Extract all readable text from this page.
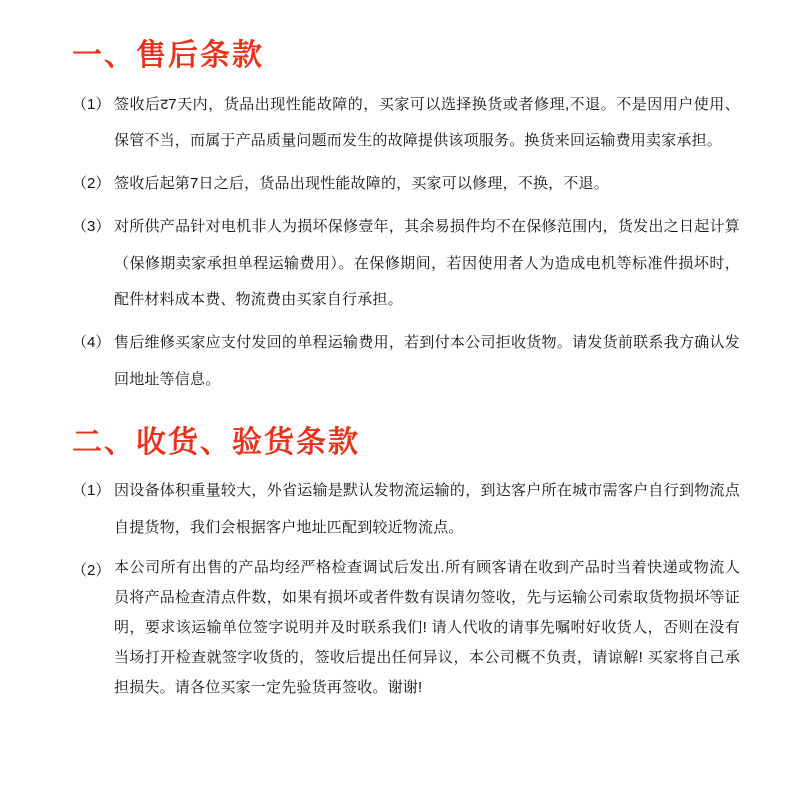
一、售后条款
（1） 签收后ट7天内，货品出现性能故障的，买家可以选择换货或者修理,不退。不是因用户使用、保管不当，而属于产品质量问题而发生的故障提供该项服务。换货来回运输费用卖家承担。
（2） 签收后起第7日之后，货品出现性能故障的，买家可以修理，不换，不退。
（3） 对所供产品针对电机非人为损坏保修壹年，其余易损件均不在保修范围内，货发出之日起计算（保修期卖家承担单程运输费用）。在保修期间，若因使用者人为造成电机等标准件损坏时，配件材料成本费、物流费由买家自行承担。
（4） 售后维修买家应支付发回的单程运输费用，若到付本公司拒收货物。请发货前联系我方确认发回地址等信息。
二、收货、验货条款
（1） 因设备体积重量较大，外省运输是默认发物流运输的，到达客户所在城市需客户自行到物流点自提货物，我们会根据客户地址匹配到较近物流点。
（2） 本公司所有出售的产品均经严格检查调试后发出.所有顾客请在收到产品时当着快递或物流人员将产品检查清点件数，如果有损坏或者件数有误请勿签收，先与运输公司索取货物损坏等证明，要求该运输单位签字说明并及时联系我们! 请人代收的请事先嘱咐好收货人，否则在没有当场打开检查就签字收货的，签收后提出任何异议，本公司概不负责，请谅解! 买家将自己承担损失。请各位买家一定先验货再签收。谢谢!
